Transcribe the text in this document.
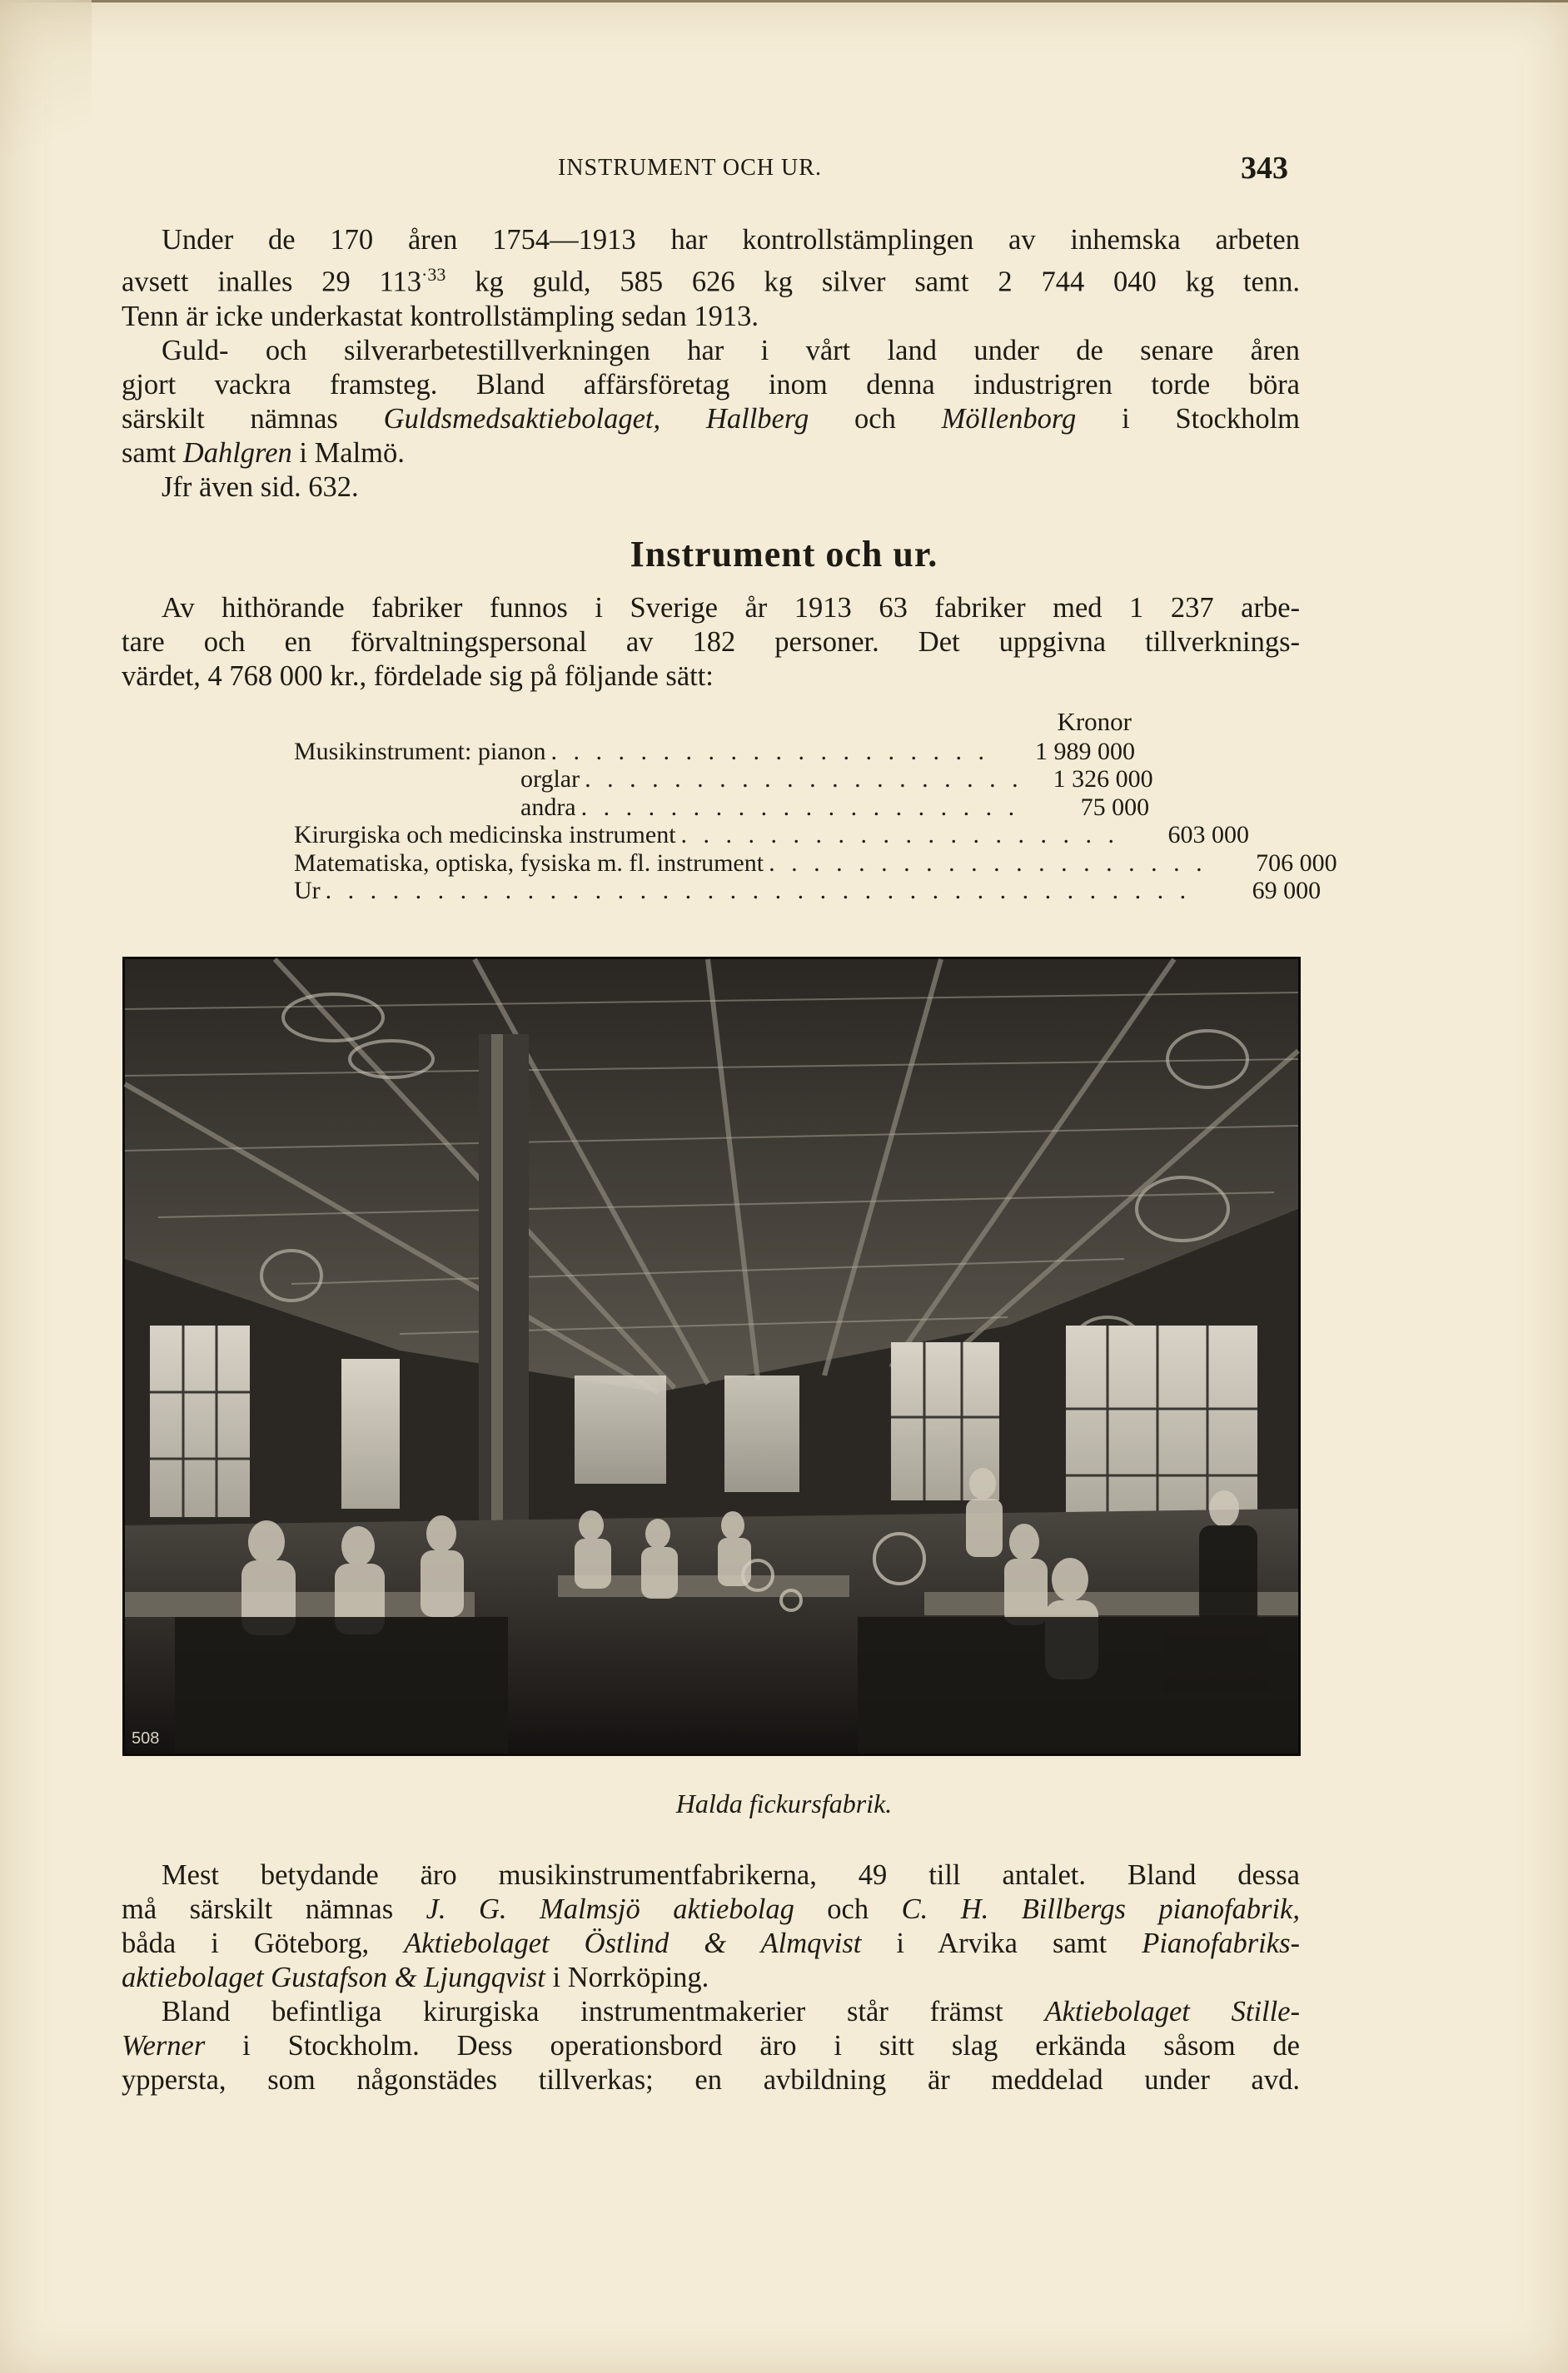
INSTRUMENT OCH UR.	343

Under de 170 åren 1754—1913 har kontrollstämplingen av inhemska arbeten

avsett inalles 29 $113^{\cdot 33}$ kg guld, 585 626 kg silver samt 2 744 040 kg tenn.

Tenn är icke underkastat kontrollstämpling sedan 1913.

Guld- och silverarbetestillverkningen har i vårt land under de senare åren

gjort vackra framsteg. Bland affärsföretag inom denna industrigren torde böra

särskilt nämnas Guldsmedsaktiebolaget, Hallberg och Möllenborg i Stockholm

samt Dahlgren i Malmö.

Jfr även sid. 632.

Instrument och ur.

Av hithörande fabriker funnos i Sverige år 1913 63 fabriker med 1 237 arbe-

tare och en förvaltningspersonal av 182 personer. Det uppgivna tillverknings-

värdet, 4 768 000 kr., fördelade sig på följande sätt:

Kronor
Musikinstrument: pianon . . . . . . . . . . . . . . . . . . . .	1 989 000
orglar . . . . . . . . . . . . . . . . . . . .	1 326 000
andra . . . . . . . . . . . . . . . . . . . .	75 000
Kirurgiska och medicinska instrument . . . . . . . . . . . . . . . . . . . .	603 000
Matematiska, optiska, fysiska m. fl. instrument . . . . . . . . . . . . . . . . . . . .	706 000
Ur . . . . . . . . . . . . . . . . . . . . . . . . . . . . . . . . . . . . . . .	69 000
508
Halda fickursfabrik.

Mest betydande äro musikinstrumentfabrikerna, 49 till antalet. Bland dessa

må särskilt nämnas J. G. Malmsjö aktiebolag och C. H. Billbergs pianofabrik,

båda i Göteborg, Aktiebolaget Östlind & Almqvist i Arvika samt Pianofabriks-

aktiebolaget Gustafson & Ljungqvist i Norrköping.

Bland befintliga kirurgiska instrumentmakerier står främst Aktiebolaget Stille-

Werner i Stockholm. Dess operationsbord äro i sitt slag erkända såsom de

yppersta, som någonstädes tillverkas; en avbildning är meddelad under avd.
